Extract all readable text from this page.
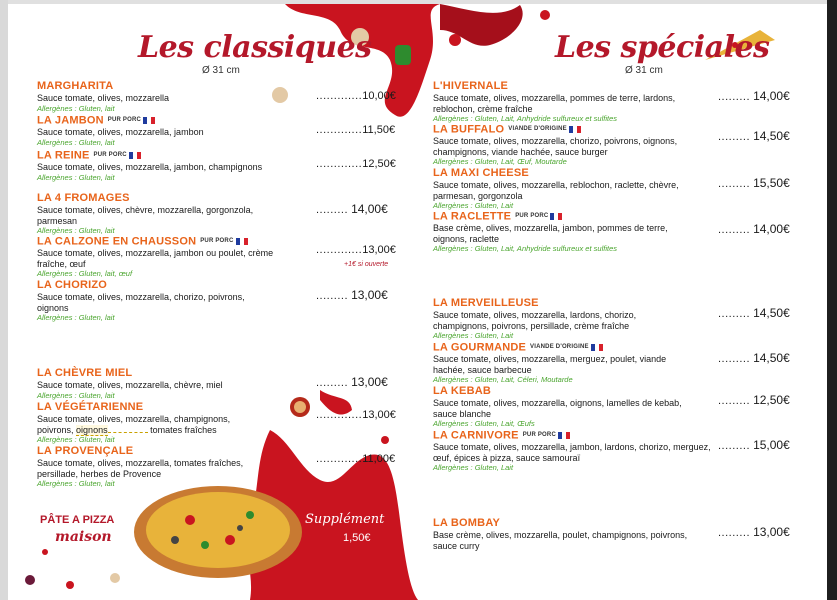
Les classiques
Ø 31 cm
MARGHARITA
Sauce tomate, olives, mozzarella
Allergènes : Gluten, lait
.............10,00€
LA JAMBON PUR PORC
Sauce tomate, olives, mozzarella, jambon
Allergènes : Gluten, lait
.............11,50€
LA REINE PUR PORC
Sauce tomate, olives, mozzarella, jambon, champignons
Allergènes : Gluten, lait
.............12,50€
LA 4 FROMAGES
Sauce tomate, olives, chèvre, mozzarella, gorgonzola, parmesan
Allergènes : Gluten, lait
......... 14,00€
LA CALZONE EN CHAUSSON PUR PORC
Sauce tomate, olives, mozzarella, jambon ou poulet, crème fraîche, œuf
Allergènes : Gluten, lait, œuf
.............13,00€
+1€ si ouverte
LA CHORIZO
Sauce tomate, olives, mozzarella, chorizo, poivrons, oignons
Allergènes : Gluten, lait
......... 13,00€
LA CHÈVRE MIEL
Sauce tomate, olives, mozzarella, chèvre, miel
Allergènes : Gluten, lait
......... 13,00€
LA VÉGÉTARIENNE
Sauce tomate, olives, mozzarella, champignons,
poivrons, oignons	tomates fraîches
Allergènes : Gluten, lait
.............13,00€
LA PROVENÇALE
Sauce tomate, olives, mozzarella, tomates fraîches, persillade, herbes de Provence
Allergènes : Gluten, lait
.............11,00€
PÂTE A PIZZA
maison
Supplément
1,50€
Les spéciales
Ø 31 cm
L'HIVERNALE
Sauce tomate, olives, mozzarella, pommes de terre, lardons, reblochon, crème fraîche
Allergènes : Gluten, Lait, Anhydride sulfureux et sulfites
......... 14,00€
LA BUFFALO VIANDE D'ORIGINE
Sauce tomate, olives, mozzarella, chorizo, poivrons, oignons, champignons, viande hachée, sauce burger
Allergènes : Gluten, Lait, Œuf, Moutarde
......... 14,50€
LA MAXI CHEESE
Sauce tomate, olives, mozzarella, reblochon, raclette, chèvre, parmesan, gorgonzola
Allergènes : Gluten, Lait
......... 15,50€
LA RACLETTE PUR PORC
Base crème, olives, mozzarella, jambon, pommes de terre, oignons, raclette
Allergènes : Gluten, Lait, Anhydride sulfureux et sulfites
......... 14,00€
LA MERVEILLEUSE
Sauce tomate, olives, mozzarella, lardons, chorizo, champignons, poivrons, persillade, crème fraîche
Allergènes : Gluten, Lait
......... 14,50€
LA GOURMANDE VIANDE D'ORIGINE
Sauce tomate, olives, mozzarella, merguez, poulet, viande hachée, sauce barbecue
Allergènes : Gluten, Lait, Céleri, Moutarde
......... 14,50€
LA KEBAB
Sauce tomate, olives, mozzarella, oignons, lamelles de kebab, sauce blanche
Allergènes : Gluten, Lait, Œufs
......... 12,50€
LA CARNIVORE PUR PORC
Sauce tomate, olives, mozzarella, jambon, lardons, chorizo, merguez, œuf, épices à pizza, sauce samouraï
Allergènes : Gluten, Lait
......... 15,00€
LA BOMBAY
Base crème, olives, mozzarella, poulet, champignons, poivrons, sauce curry
......... 13,00€
